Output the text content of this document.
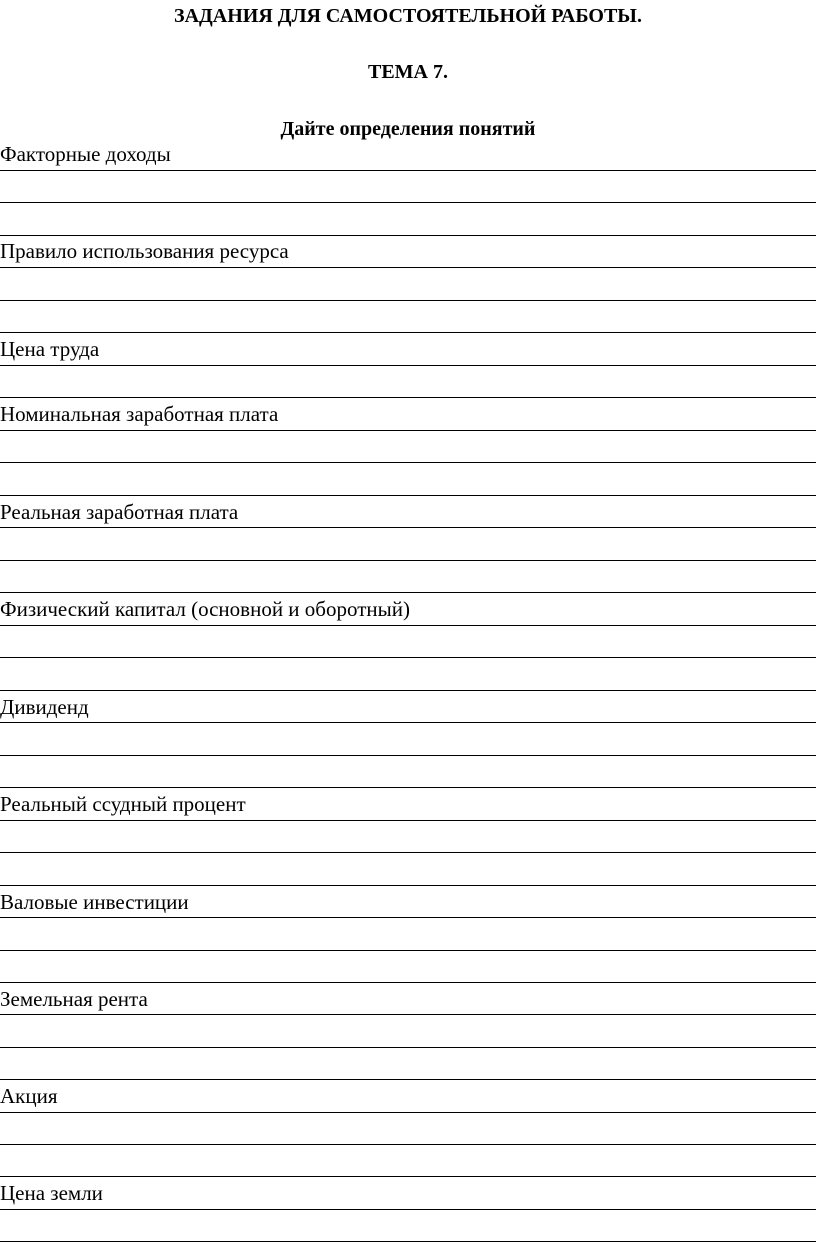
ЗАДАНИЯ ДЛЯ САМОСТОЯТЕЛЬНОЙ РАБОТЫ.
ТЕМА 7.
Дайте определения понятий
Факторные доходы
Правило использования ресурса
Цена труда
Номинальная заработная плата
Реальная заработная плата
Физический капитал (основной и оборотный)
Дивиденд
Реальный ссудный процент
Валовые инвестиции
Земельная рента
Акция
Цена земли
